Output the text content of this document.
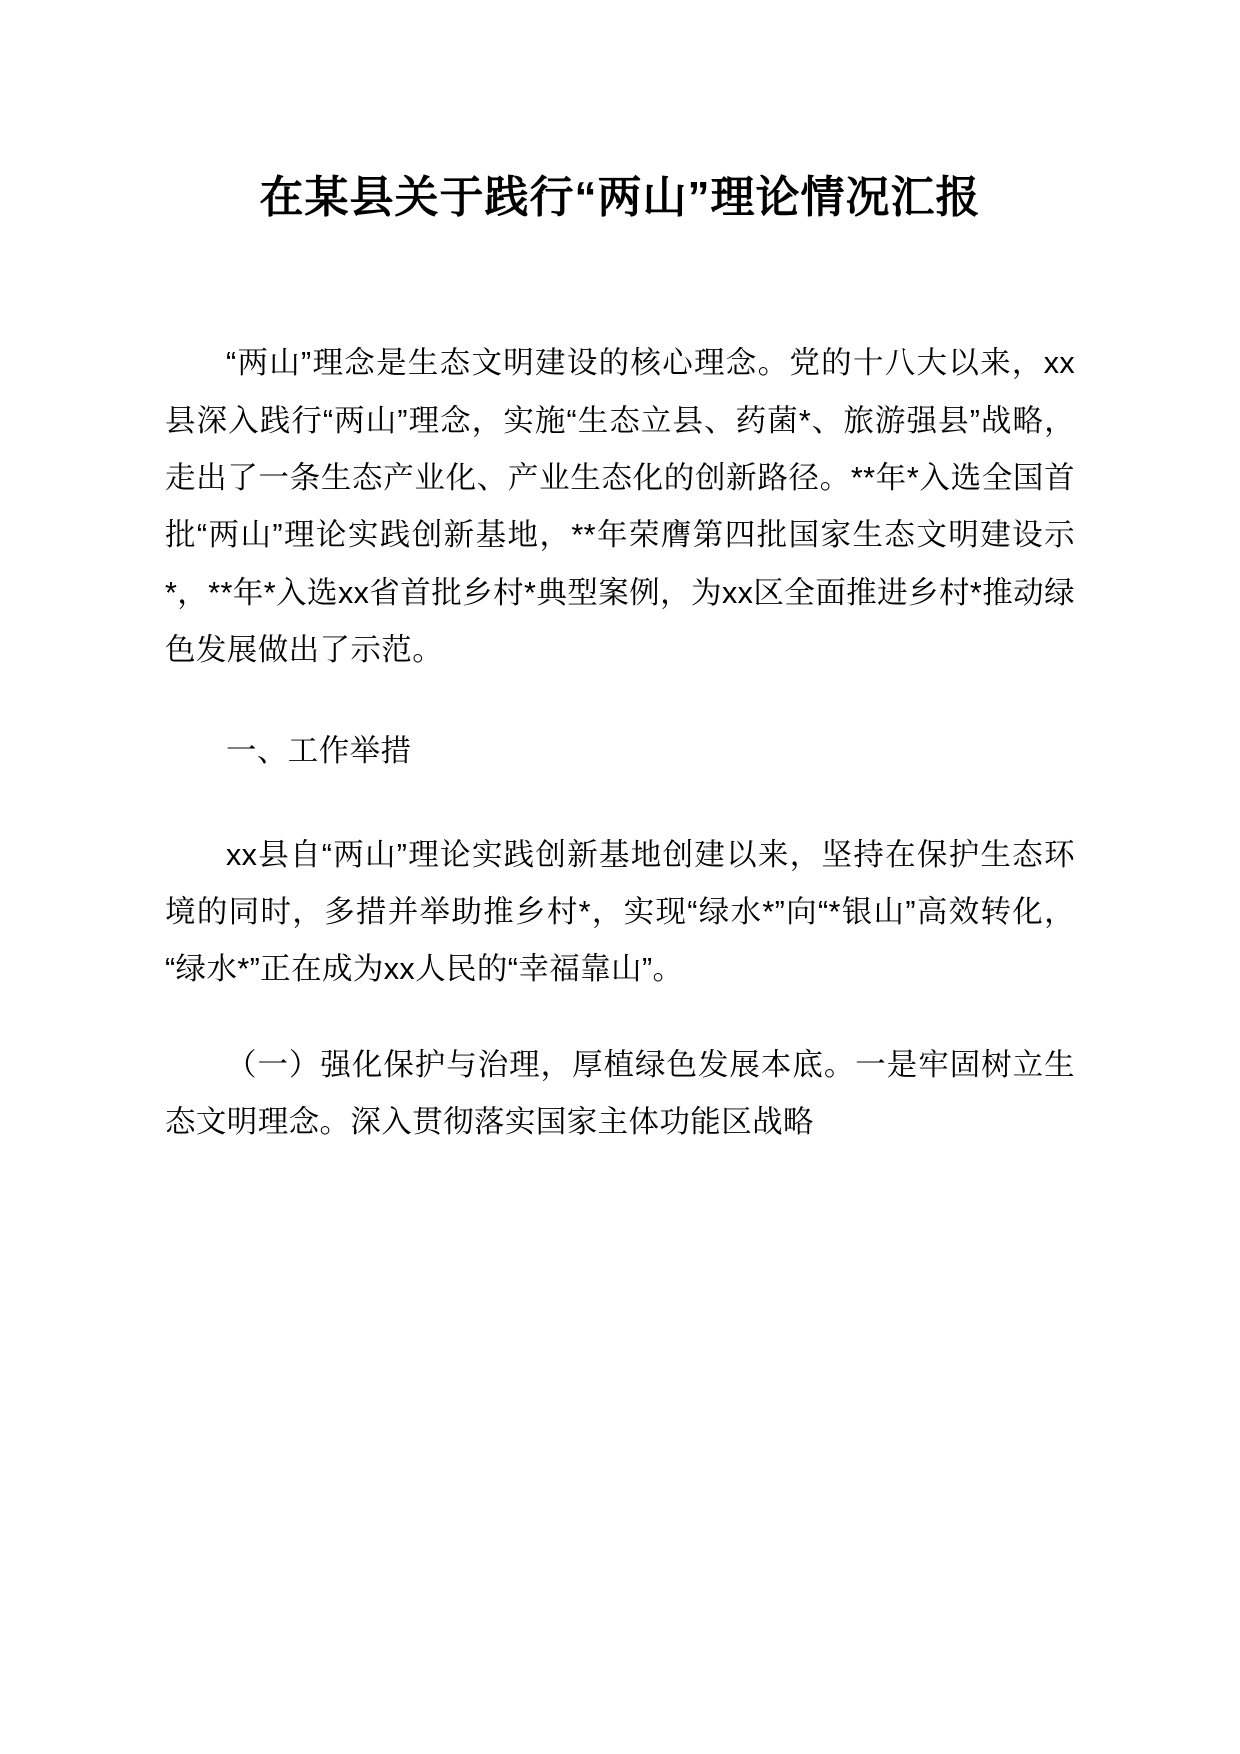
在某县关于践行“两山”理论情况汇报

“两山”理念是生态文明建设的核心理念。党的十八大以来，xx县深入践行“两山”理念，实施“生态立县、药菌*、旅游强县”战略，走出了一条生态产业化、产业生态化的创新路径。**年*入选全国首批“两山”理论实践创新基地，**年荣膺第四批国家生态文明建设示*，**年*入选xx省首批乡村*典型案例，为xx区全面推进乡村*推动绿色发展做出了示范。

一、工作举措

xx县自“两山”理论实践创新基地创建以来，坚持在保护生态环境的同时，多措并举助推乡村*，实现“绿水*”向“*银山”高效转化，“绿水*”正在成为xx人民的“幸福靠山”。

（一）强化保护与治理，厚植绿色发展本底。一是牢固树立生态文明理念。深入贯彻落实国家主体功能区战略
